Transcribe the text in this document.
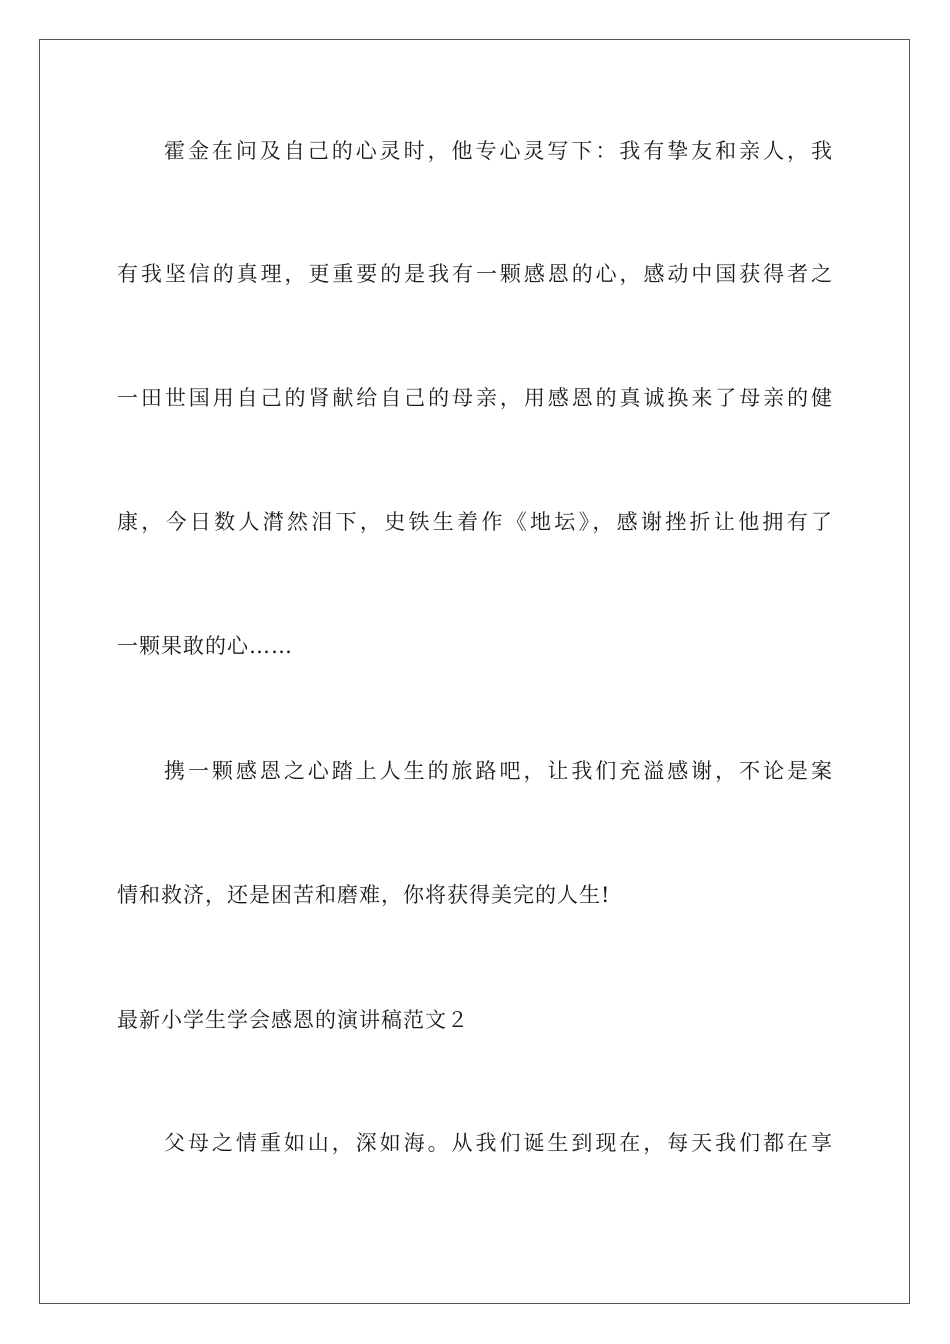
霍金在问及自己的心灵时，他专心灵写下：我有挚友和亲人，我
有我坚信的真理，更重要的是我有一颗感恩的心，感动中国获得者之
一田世国用自己的肾献给自己的母亲，用感恩的真诚换来了母亲的健
康，今日数人潸然泪下，史铁生着作《地坛》，感谢挫折让他拥有了
一颗果敢的心……
携一颗感恩之心踏上人生的旅路吧，让我们充溢感谢，不论是案
情和救济，还是困苦和磨难，你将获得美完的人生!
最新小学生学会感恩的演讲稿范文２
父母之情重如山，深如海。从我们诞生到现在，每天我们都在享
